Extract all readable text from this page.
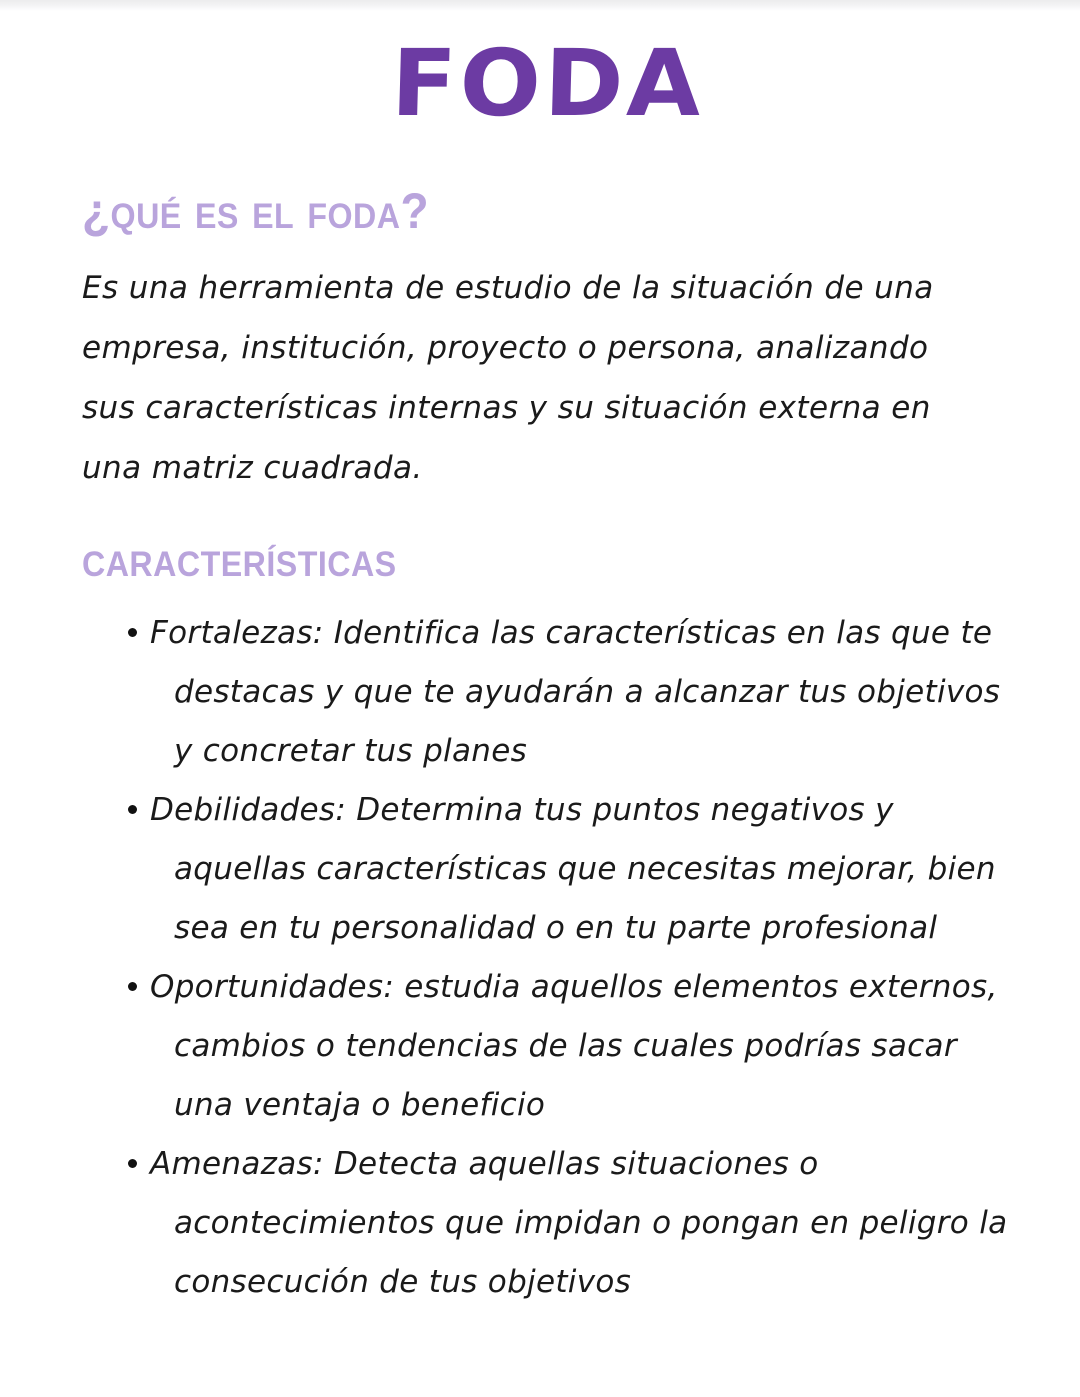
FODA
¿qué es el foda?

Es una herramienta de estudio de la situación de una empresa, institución, proyecto o persona, analizando sus características internas y su situación externa en una matriz cuadrada.

características
Fortalezas: Identifica las características en las que te destacas y que te ayudarán a alcanzar tus objetivos y concretar tus planes
Debilidades: Determina tus puntos negativos y aquellas características que necesitas mejorar, bien sea en tu personalidad o en tu parte profesional
Oportunidades: estudia aquellos elementos externos, cambios o tendencias de las cuales podrías sacar una ventaja o beneficio
Amenazas: Detecta aquellas situaciones o acontecimientos que impidan o pongan en peligro la consecución de tus objetivos
